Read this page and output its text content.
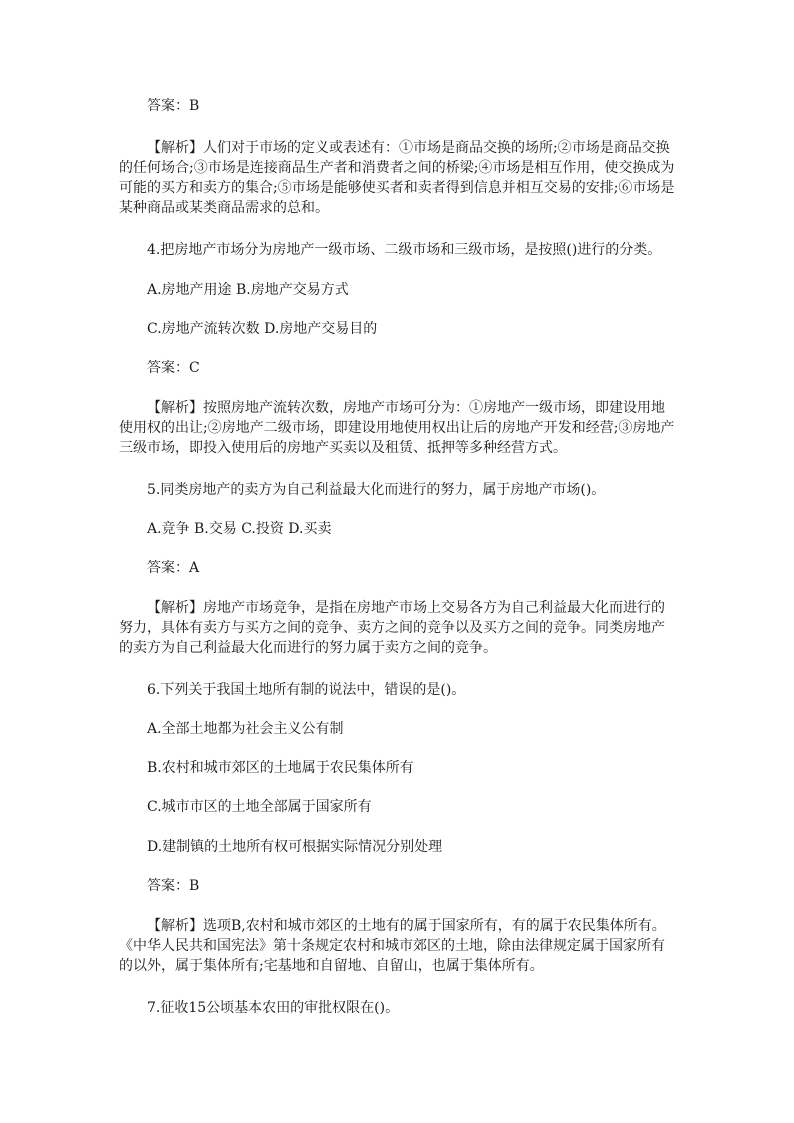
答案：B

【解析】人们对于市场的定义或表述有：①市场是商品交换的场所;②市场是商品交换的任何场合;③市场是连接商品生产者和消费者之间的桥梁;④市场是相互作用，使交换成为可能的买方和卖方的集合;⑤市场是能够使买者和卖者得到信息并相互交易的安排;⑥市场是某种商品或某类商品需求的总和。

4.把房地产市场分为房地产一级市场、二级市场和三级市场，是按照()进行的分类。

A.房地产用途 B.房地产交易方式

C.房地产流转次数 D.房地产交易目的

答案：C

【解析】按照房地产流转次数，房地产市场可分为：①房地产一级市场，即建设用地使用权的出让;②房地产二级市场，即建设用地使用权出让后的房地产开发和经营;③房地产三级市场，即投入使用后的房地产买卖以及租赁、抵押等多种经营方式。

5.同类房地产的卖方为自己利益最大化而进行的努力，属于房地产市场()。

A.竞争 B.交易 C.投资 D.买卖

答案：A

【解析】房地产市场竞争，是指在房地产市场上交易各方为自己利益最大化而进行的努力，具体有卖方与买方之间的竞争、卖方之间的竞争以及买方之间的竞争。同类房地产的卖方为自己利益最大化而进行的努力属于卖方之间的竞争。

6.下列关于我国土地所有制的说法中，错误的是()。

A.全部土地都为社会主义公有制

B.农村和城市郊区的土地属于农民集体所有

C.城市市区的土地全部属于国家所有

D.建制镇的土地所有权可根据实际情况分别处理

答案：B

【解析】选项B,农村和城市郊区的土地有的属于国家所有，有的属于农民集体所有。《中华人民共和国宪法》第十条规定农村和城市郊区的土地，除由法律规定属于国家所有的以外，属于集体所有;宅基地和自留地、自留山，也属于集体所有。

7.征收15公顷基本农田的审批权限在()。
